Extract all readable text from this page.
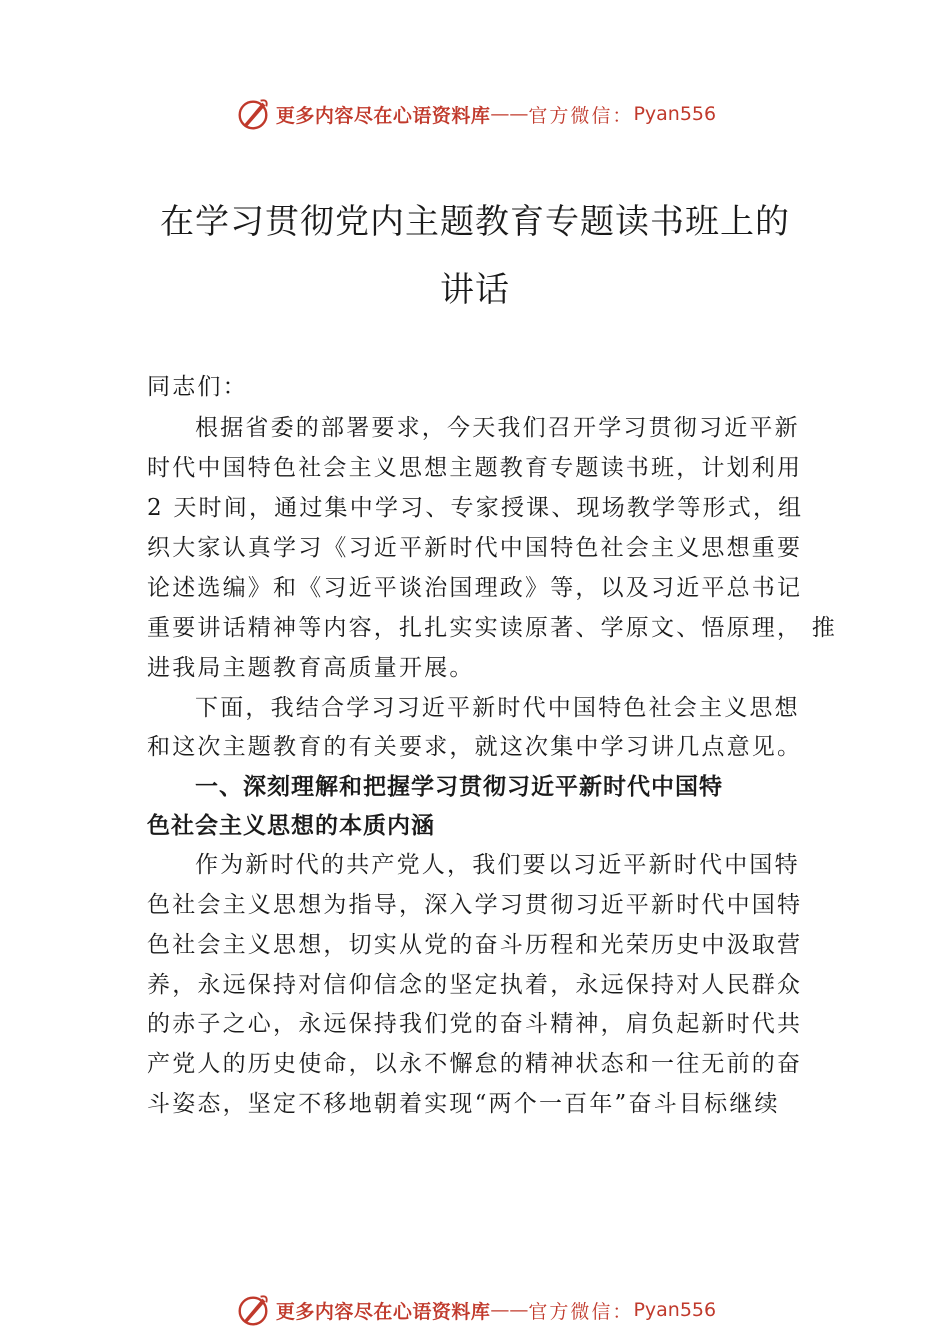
更多内容尽在心语资料库 —— 官方微信： Pyan556
在学习贯彻党内主题教育专题读书班上的
讲话
同志们：
根据省委的部署要求，今天我们召开学习贯彻习近平新
时代中国特色社会主义思想主题教育专题读书班，计划利用
2 天时间，通过集中学习、专家授课、现场教学等形式，组
织大家认真学习《习近平新时代中国特色社会主义思想重要
论述选编》和《习近平谈治国理政》等，以及习近平总书记
重要讲话精神等内容，扎扎实实读原著、学原文、悟原理， 推
进我局主题教育高质量开展。
下面，我结合学习习近平新时代中国特色社会主义思想
和这次主题教育的有关要求，就这次集中学习讲几点意见。
一、深刻理解和把握学习贯彻习近平新时代中国特
色社会主义思想的本质内涵
作为新时代的共产党人，我们要以习近平新时代中国特
色社会主义思想为指导，深入学习贯彻习近平新时代中国特
色社会主义思想，切实从党的奋斗历程和光荣历史中汲取营
养，永远保持对信仰信念的坚定执着，永远保持对人民群众
的赤子之心，永远保持我们党的奋斗精神，肩负起新时代共
产党人的历史使命，以永不懈怠的精神状态和一往无前的奋
斗姿态，坚定不移地朝着实现“两个一百年”奋斗目标继续
更多内容尽在心语资料库 —— 官方微信： Pyan556
